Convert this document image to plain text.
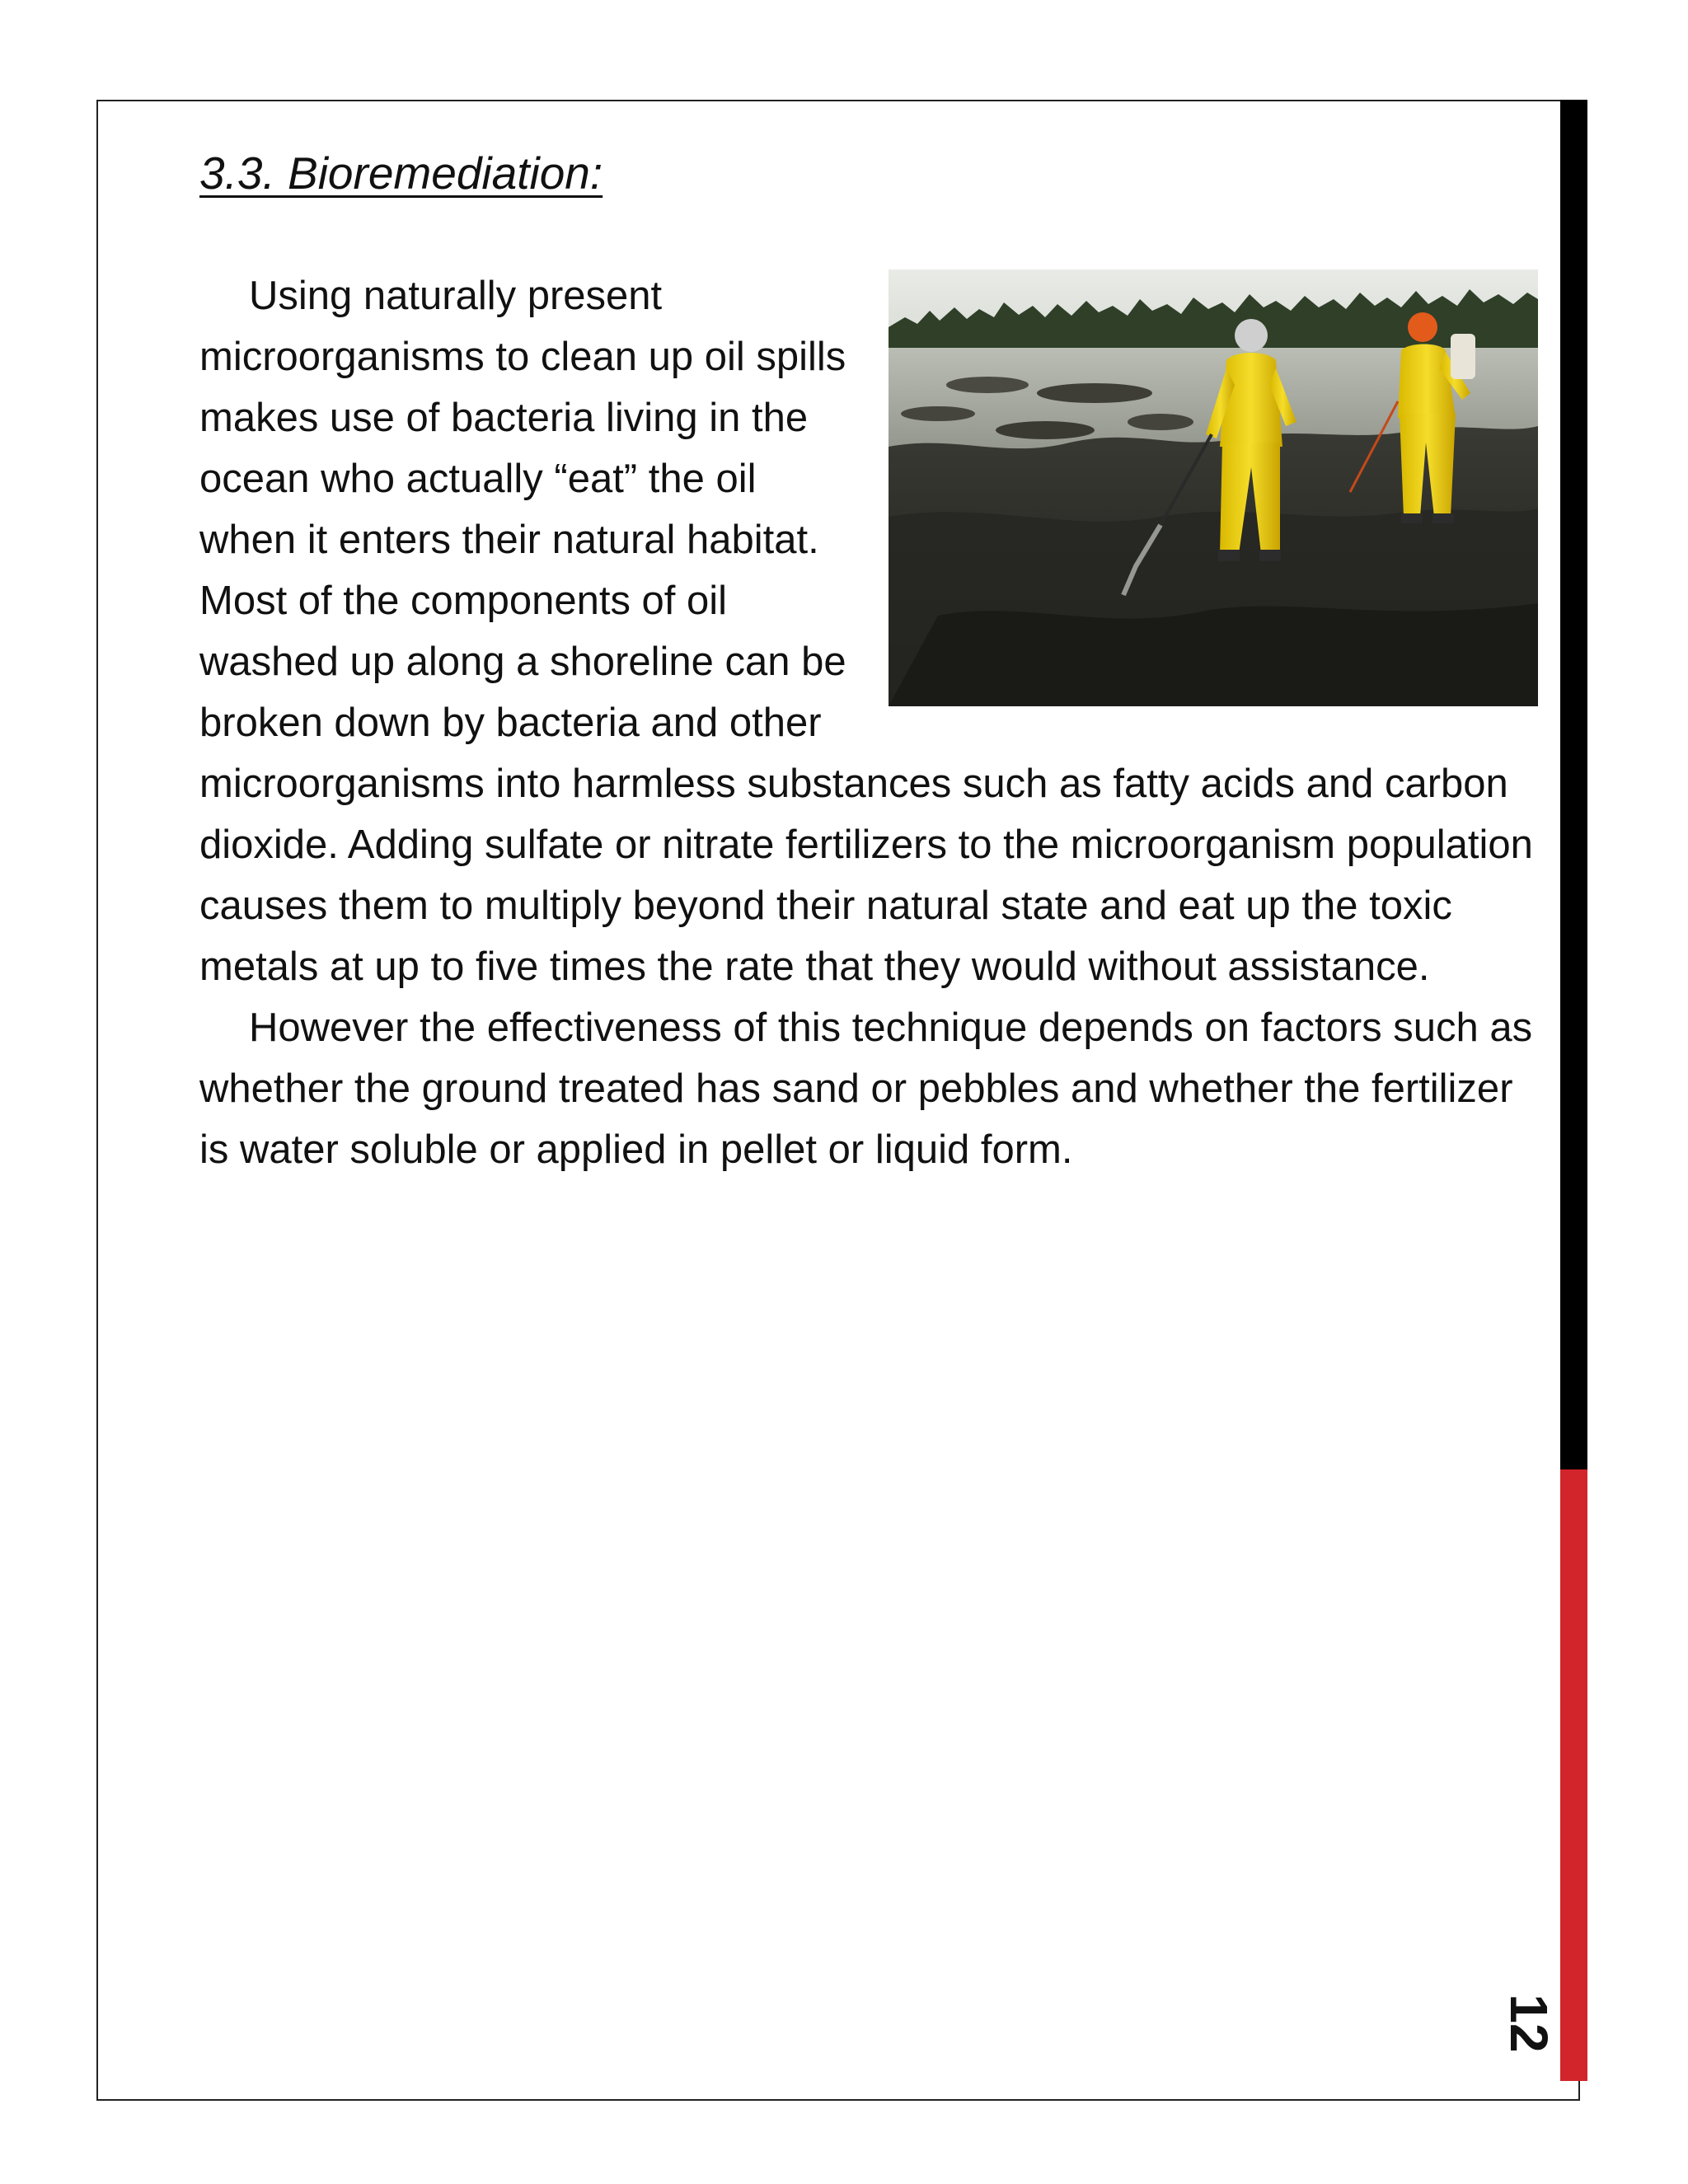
12
3.3. Bioremediation:

Using naturally present microorganisms to clean up oil spills makes use of bacteria living in the ocean who actually “eat” the oil when it enters their natural habitat. Most of the components of oil washed up along a shoreline can be broken down by bacteria and other microorganisms into harmless substances such as fatty acids and carbon dioxide. Adding sulfate or nitrate fertilizers to the microorganism population causes them to multiply beyond their natural state and eat up the toxic metals at up to five times the rate that they would without assistance.

However the effectiveness of this technique depends on factors such as whether the ground treated has sand or pebbles and whether the fertilizer is water soluble or applied in pellet or liquid form.
